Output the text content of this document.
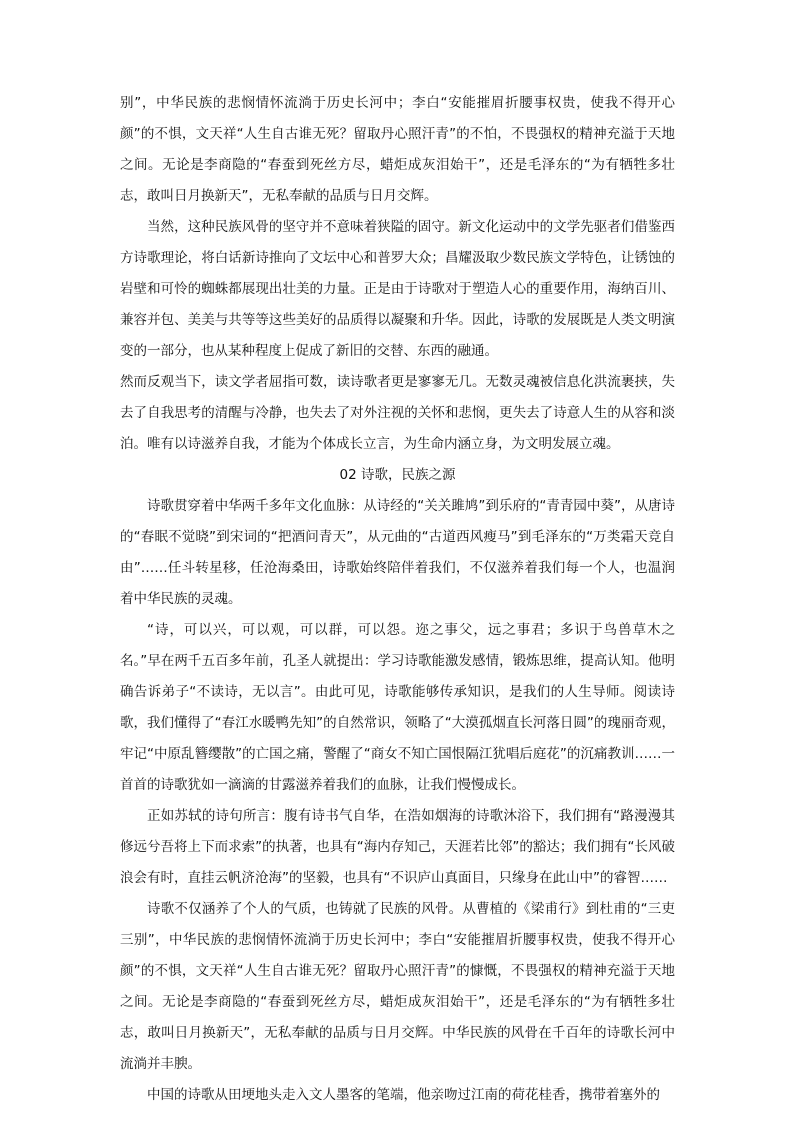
别”，中华民族的悲悯情怀流淌于历史长河中；李白“安能摧眉折腰事权贵，使我不得开心颜”的不惧，文天祥“人生自古谁无死？留取丹心照汗青”的不怕，不畏强权的精神充溢于天地之间。无论是李商隐的“春蚕到死丝方尽，蜡炬成灰泪始干”，还是毛泽东的“为有牺牲多壮志，敢叫日月换新天”，无私奉献的品质与日月交辉。

当然，这种民族风骨的坚守并不意味着狭隘的固守。新文化运动中的文学先驱者们借鉴西方诗歌理论，将白话新诗推向了文坛中心和普罗大众；昌耀汲取少数民族文学特色，让锈蚀的岩壁和可怜的蜘蛛都展现出壮美的力量。正是由于诗歌对于塑造人心的重要作用，海纳百川、兼容并包、美美与共等等这些美好的品质得以凝聚和升华。因此，诗歌的发展既是人类文明演变的一部分，也从某种程度上促成了新旧的交替、东西的融通。

然而反观当下，读文学者屈指可数，读诗歌者更是寥寥无几。无数灵魂被信息化洪流裹挟，失去了自我思考的清醒与冷静，也失去了对外注视的关怀和悲悯，更失去了诗意人生的从容和淡泊。唯有以诗滋养自我，才能为个体成长立言，为生命内涵立身，为文明发展立魂。

02 诗歌，民族之源

诗歌贯穿着中华两千多年文化血脉：从诗经的“关关雎鸠”到乐府的“青青园中葵”，从唐诗的“春眠不觉晓”到宋词的“把酒问青天”，从元曲的“古道西风瘦马”到毛泽东的“万类霜天竞自由”……任斗转星移，任沧海桑田，诗歌始终陪伴着我们，不仅滋养着我们每一个人，也温润着中华民族的灵魂。

“诗，可以兴，可以观，可以群，可以怨。迩之事父，远之事君；多识于鸟兽草木之名。”早在两千五百多年前，孔圣人就提出：学习诗歌能激发感情，锻炼思维，提高认知。他明确告诉弟子“不读诗，无以言”。由此可见，诗歌能够传承知识，是我们的人生导师。阅读诗歌，我们懂得了“春江水暖鸭先知”的自然常识，领略了“大漠孤烟直长河落日圆”的瑰丽奇观，牢记“中原乱簪缨散”的亡国之痛，警醒了“商女不知亡国恨隔江犹唱后庭花”的沉痛教训……一首首的诗歌犹如一滴滴的甘露滋养着我们的血脉，让我们慢慢成长。

正如苏轼的诗句所言：腹有诗书气自华，在浩如烟海的诗歌沐浴下，我们拥有“路漫漫其修远兮吾将上下而求索”的执著，也具有“海内存知己，天涯若比邻”的豁达；我们拥有“长风破浪会有时，直挂云帆济沧海”的坚毅，也具有“不识庐山真面目，只缘身在此山中”的睿智……

诗歌不仅涵养了个人的气质，也铸就了民族的风骨。从曹植的《梁甫行》到杜甫的“三吏三别”，中华民族的悲悯情怀流淌于历史长河中；李白“安能摧眉折腰事权贵，使我不得开心颜”的不惧，文天祥“人生自古谁无死？留取丹心照汗青”的慷慨，不畏强权的精神充溢于天地之间。无论是李商隐的“春蚕到死丝方尽，蜡炬成灰泪始干”，还是毛泽东的“为有牺牲多壮志，敢叫日月换新天”，无私奉献的品质与日月交辉。中华民族的风骨在千百年的诗歌长河中流淌并丰腴。

中国的诗歌从田埂地头走入文人墨客的笔端，他亲吻过江南的荷花桂香，携带着塞外的
